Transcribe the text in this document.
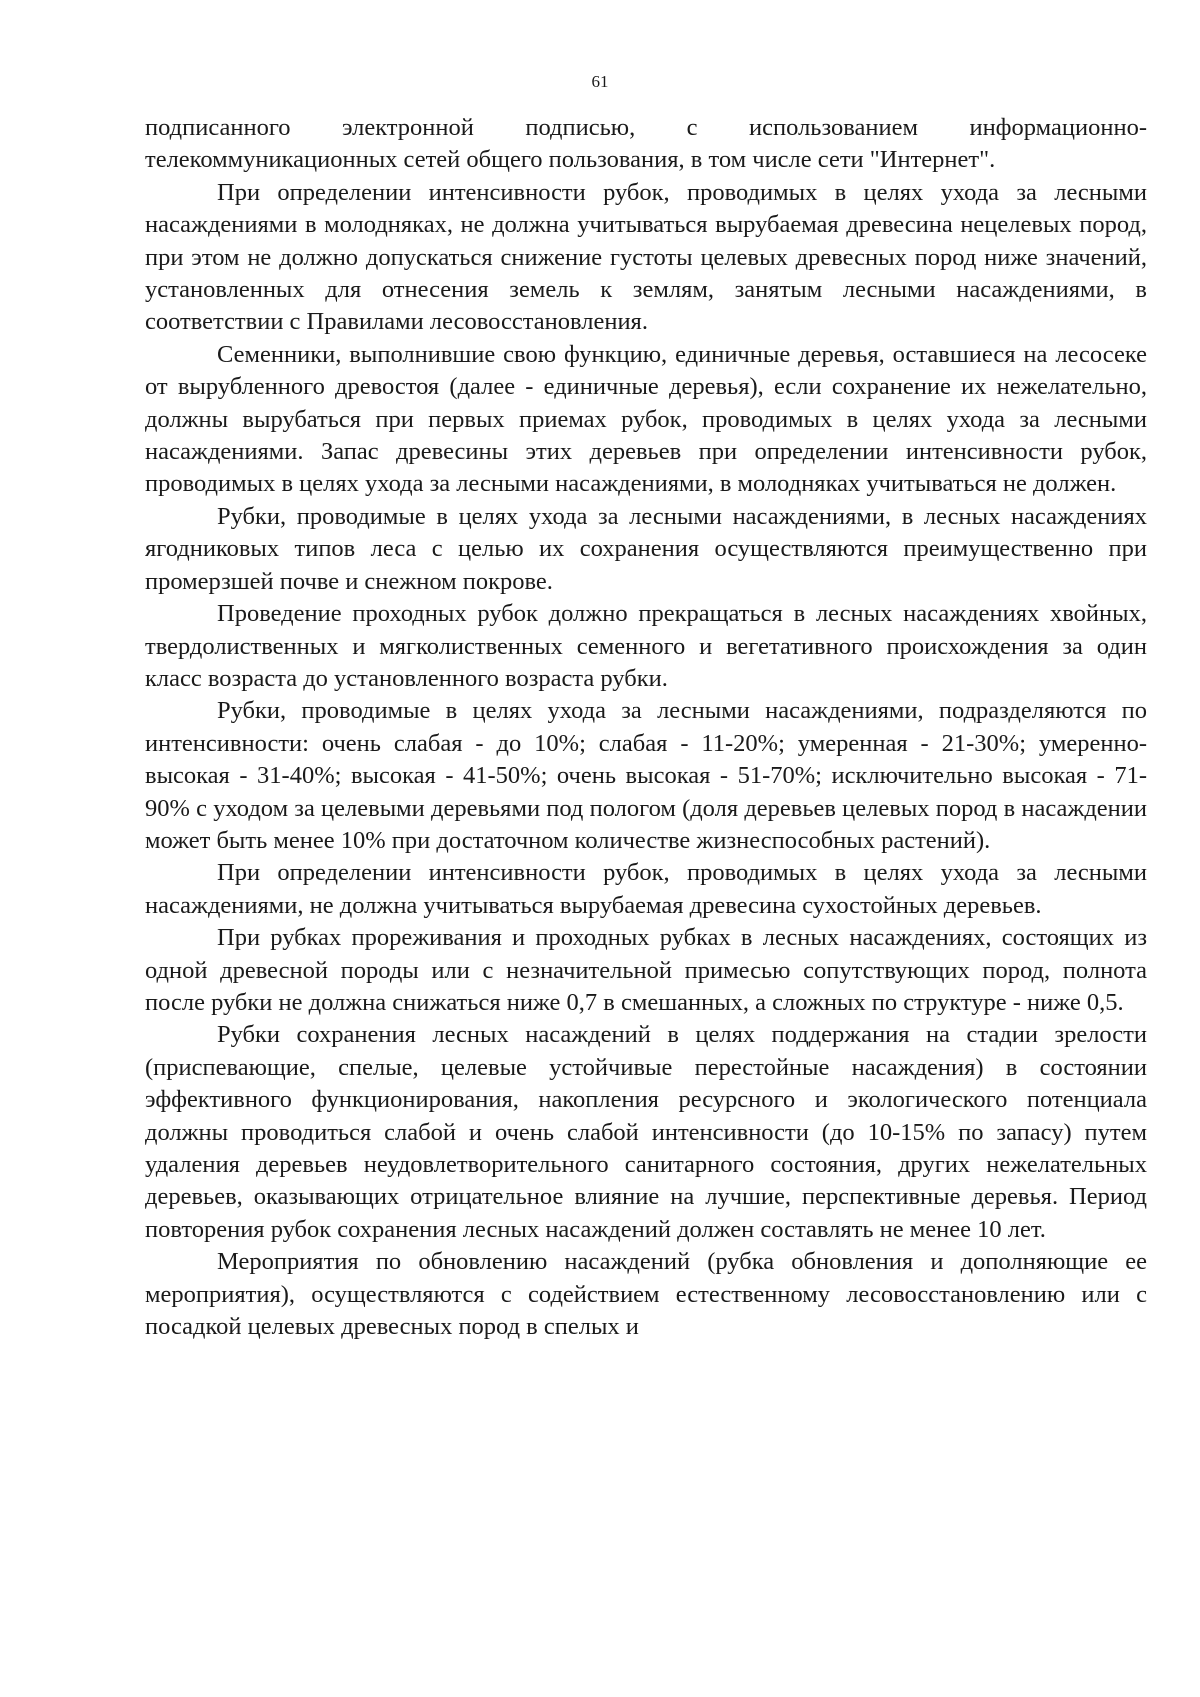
61

подписанного электронной подписью, с использованием информационно-телекоммуникационных сетей общего пользования, в том числе сети "Интернет".

При определении интенсивности рубок, проводимых в целях ухода за лесными насаждениями в молодняках, не должна учитываться вырубаемая древесина нецелевых пород, при этом не должно допускаться снижение густоты целевых древесных пород ниже значений, установленных для отнесения земель к землям, занятым лесными насаждениями, в соответствии с Правилами лесовосстановления.

Семенники, выполнившие свою функцию, единичные деревья, оставшиеся на лесосеке от вырубленного древостоя (далее - единичные деревья), если сохранение их нежелательно, должны вырубаться при первых приемах рубок, проводимых в целях ухода за лесными насаждениями. Запас древесины этих деревьев при определении интенсивности рубок, проводимых в целях ухода за лесными насаждениями, в молодняках учитываться не должен.

Рубки, проводимые в целях ухода за лесными насаждениями, в лесных насаждениях ягодниковых типов леса с целью их сохранения осуществляются преимущественно при промерзшей почве и снежном покрове.

Проведение проходных рубок должно прекращаться в лесных насаждениях хвойных, твердолиственных и мягколиственных семенного и вегетативного происхождения за один класс возраста до установленного возраста рубки.

Рубки, проводимые в целях ухода за лесными насаждениями, подразделяются по интенсивности: очень слабая - до 10%; слабая - 11-20%; умеренная - 21-30%; умеренно-высокая - 31-40%; высокая - 41-50%; очень высокая - 51-70%; исключительно высокая - 71-90% с уходом за целевыми деревьями под пологом (доля деревьев целевых пород в насаждении может быть менее 10% при достаточном количестве жизнеспособных растений).

При определении интенсивности рубок, проводимых в целях ухода за лесными насаждениями, не должна учитываться вырубаемая древесина сухостойных деревьев.

При рубках прореживания и проходных рубках в лесных насаждениях, состоящих из одной древесной породы или с незначительной примесью сопутствующих пород, полнота после рубки не должна снижаться ниже 0,7 в смешанных, а сложных по структуре - ниже 0,5.

Рубки сохранения лесных насаждений в целях поддержания на стадии зрелости (приспевающие, спелые, целевые устойчивые перестойные насаждения) в состоянии эффективного функционирования, накопления ресурсного и экологического потенциала должны проводиться слабой и очень слабой интенсивности (до 10-15% по запасу) путем удаления деревьев неудовлетворительного санитарного состояния, других нежелательных деревьев, оказывающих отрицательное влияние на лучшие, перспективные деревья. Период повторения рубок сохранения лесных насаждений должен составлять не менее 10 лет.

Мероприятия по обновлению насаждений (рубка обновления и дополняющие ее мероприятия), осуществляются с содействием естественному лесовосстановлению или с посадкой целевых древесных пород в спелых и
